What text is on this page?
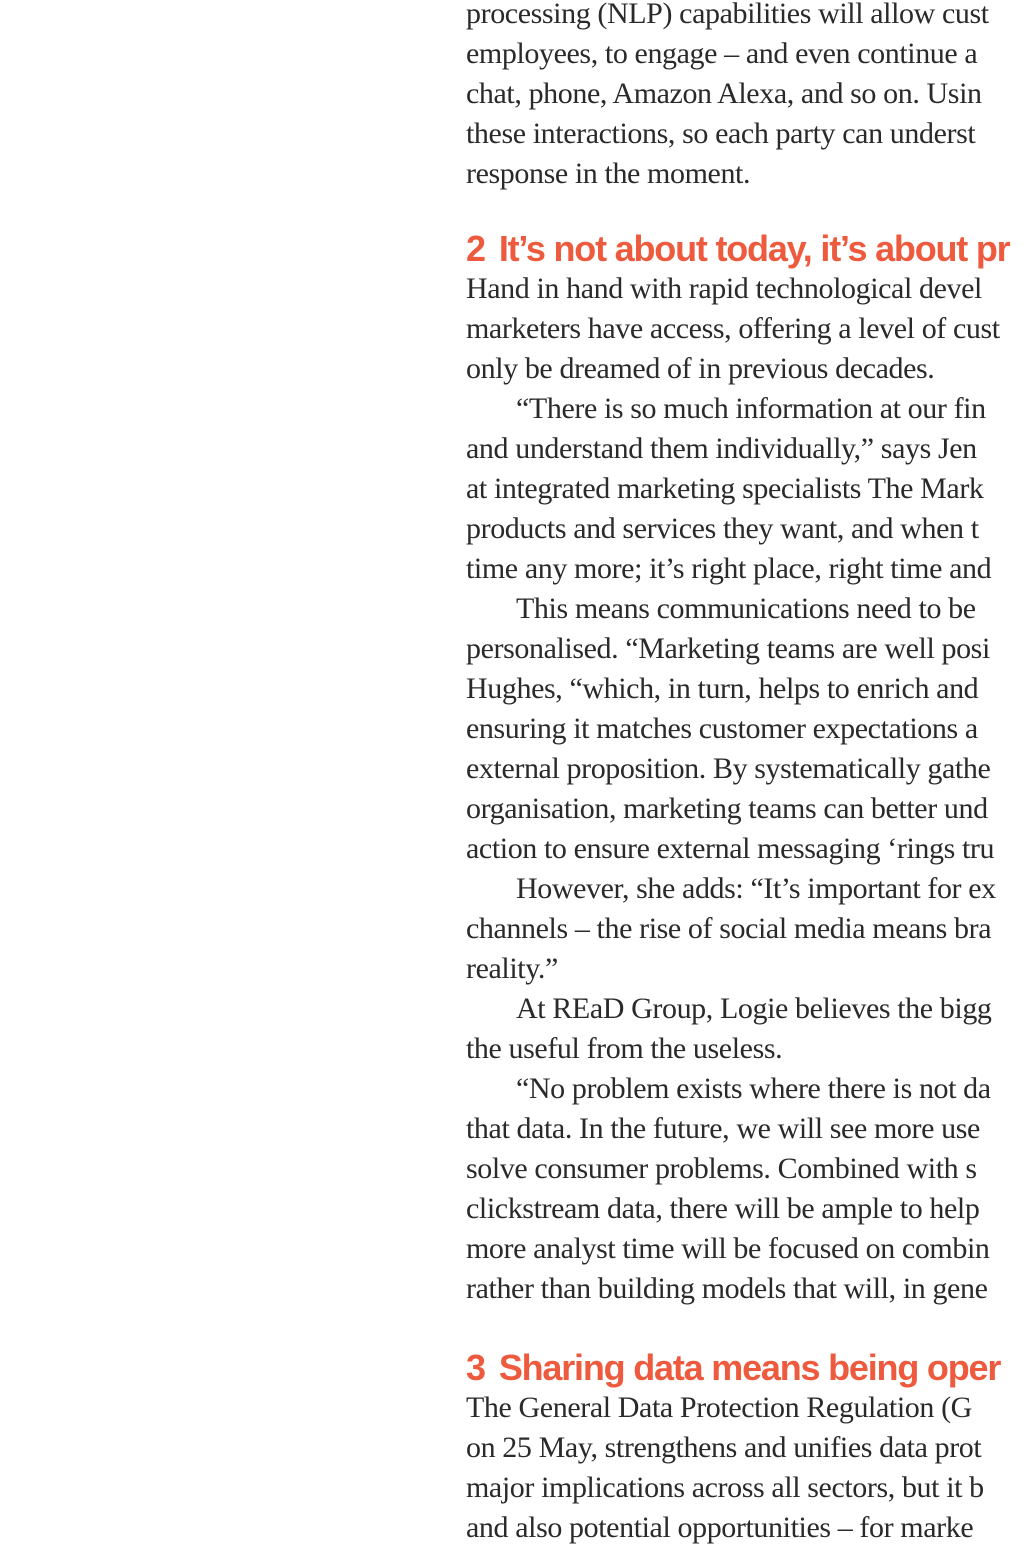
processing (NLP) capabilities will allow cust
employees, to engage – and even continue a
chat, phone, Amazon Alexa, and so on. Usin
these interactions, so each party can underst
response in the moment.
2 It’s not about today, it’s about pr
Hand in hand with rapid technological devel
marketers have access, offering a level of cust
only be dreamed of in previous decades.
“There is so much information at our fin
and understand them individually,” says Jen
at integrated marketing specialists The Mark
products and services they want, and when t
time any more; it’s right place, right time and
This means communications need to be
personalised. “Marketing teams are well posi
Hughes, “which, in turn, helps to enrich and
ensuring it matches customer expectations a
external proposition. By systematically gathe
organisation, marketing teams can better und
action to ensure external messaging ‘rings tru
However, she adds: “It’s important for ex
channels – the rise of social media means bra
reality.”
At REaD Group, Logie believes the bigg
the useful from the useless.
“No problem exists where there is not da
that data. In the future, we will see more use
solve consumer problems. Combined with s
clickstream data, there will be ample to help
more analyst time will be focused on combin
rather than building models that will, in gene
3 Sharing data means being oper
The General Data Protection Regulation (G
on 25 May, strengthens and unifies data prot
major implications across all sectors, but it b
and also potential opportunities – for marke
